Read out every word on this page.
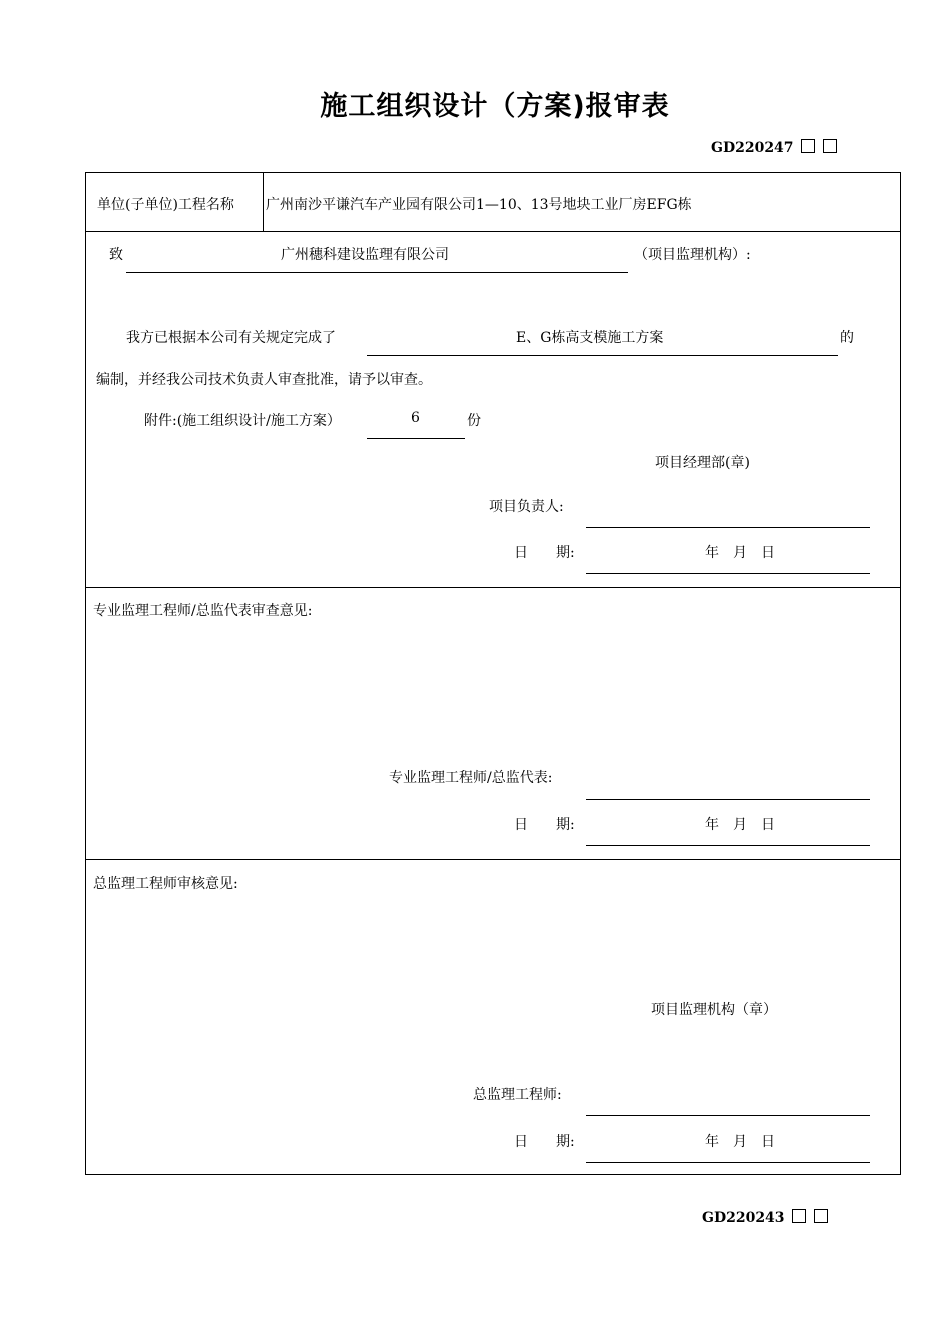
施工组织设计（方案)报审表
GD220247
单位(子单位)工程名称 广州南沙平谦汽车产业园有限公司1—10、13号地块工业厂房EFG栋
致	广州穗科建设监理有限公司	（项目监理机构）:
我方已根据本公司有关规定完成了	E、G栋高支模施工方案	的
编制，并经我公司技术负责人审查批准，请予以审查。
附件:(施工组织设计/施工方案）	6	份
项目经理部(章)
项目负责人:
日　　期:	年　月　日
专业监理工程师/总监代表审查意见:
专业监理工程师/总监代表:
日　　期:	年　月　日
总监理工程师审核意见:
项目监理机构（章）
总监理工程师:
日　　期:	年　月　日
GD220243
